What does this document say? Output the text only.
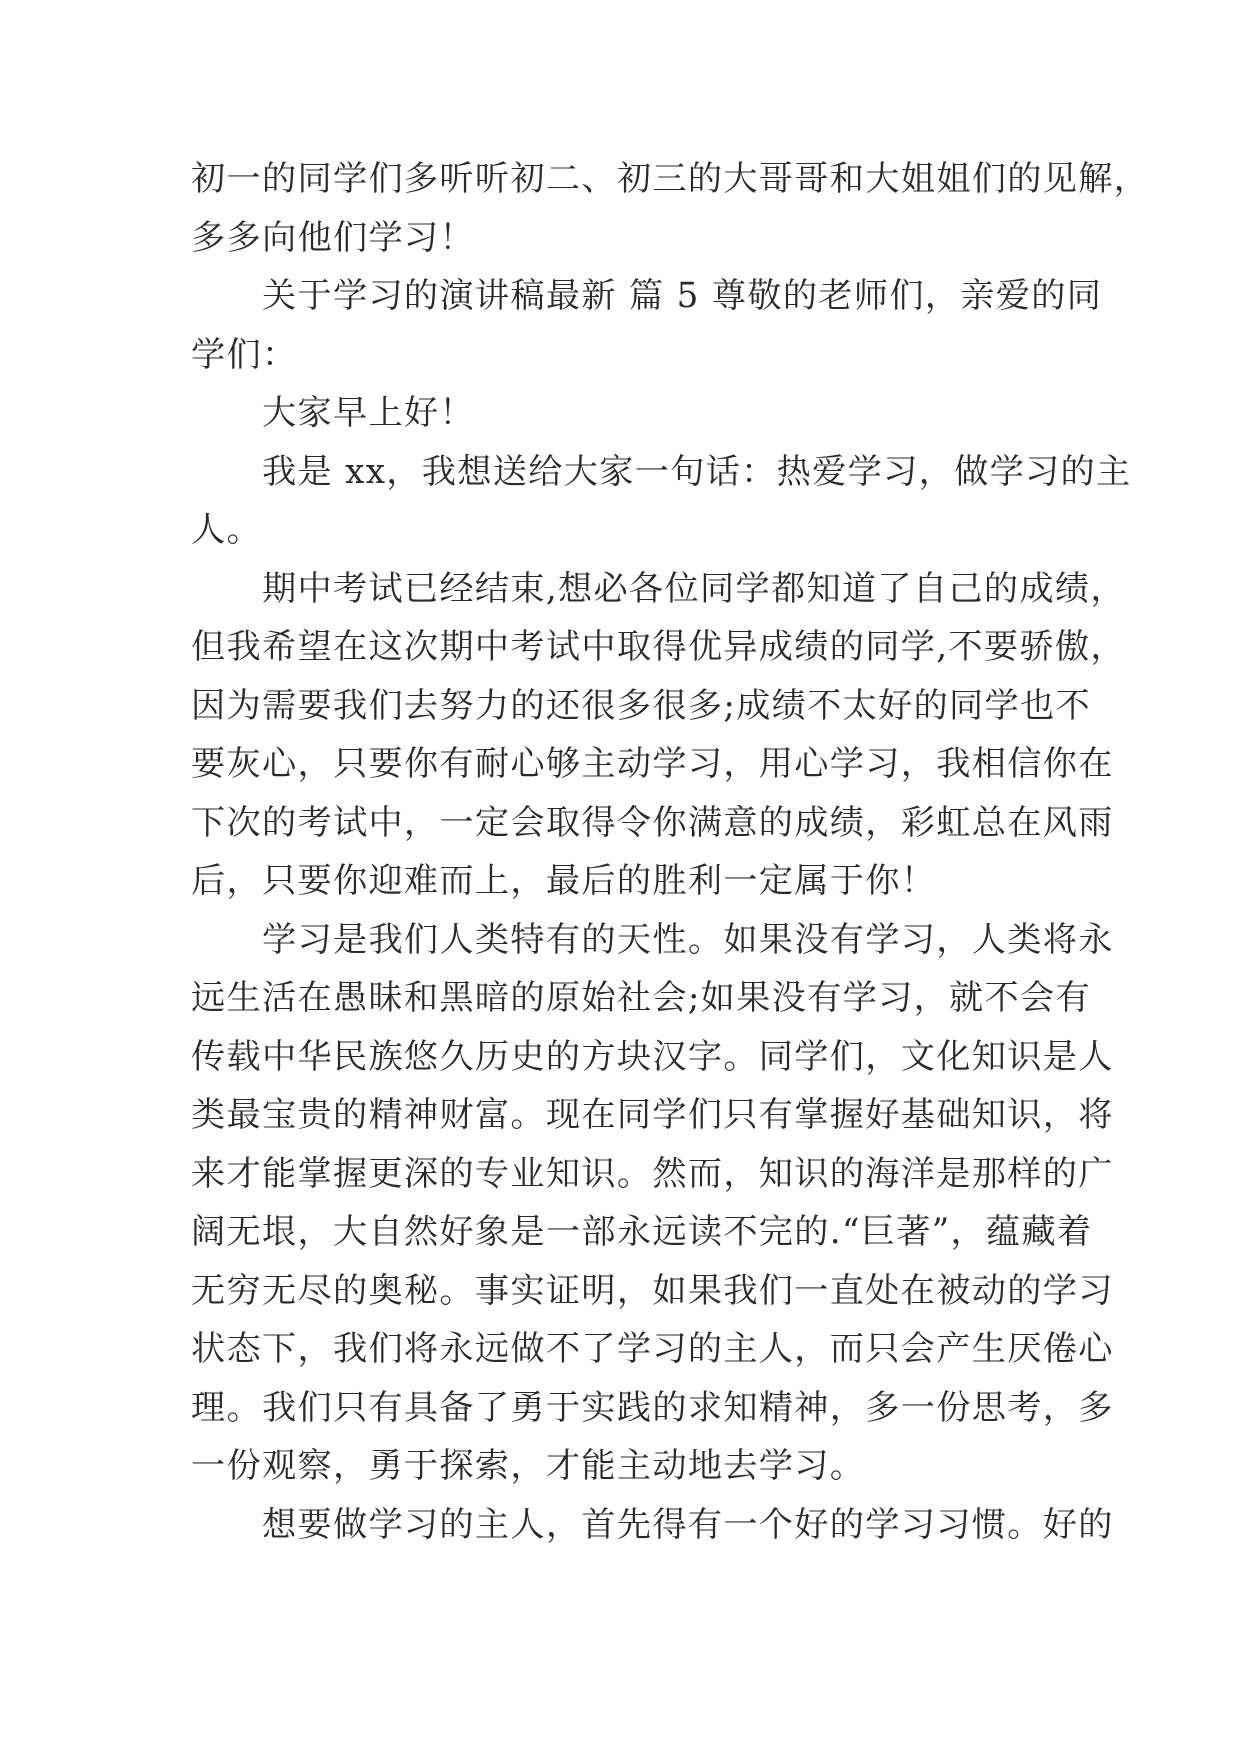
初一的同学们多听听初二、初三的大哥哥和大姐姐们的见解，
多多向他们学习！
　　关于学习的演讲稿最新 篇 5 尊敬的老师们，亲爱的同
学们：
　　大家早上好！
　　我是 xx，我想送给大家一句话：热爱学习，做学习的主
人。
　　期中考试已经结束,想必各位同学都知道了自己的成绩，
但我希望在这次期中考试中取得优异成绩的同学,不要骄傲，
因为需要我们去努力的还很多很多;成绩不太好的同学也不
要灰心，只要你有耐心够主动学习，用心学习，我相信你在
下次的考试中，一定会取得令你满意的成绩，彩虹总在风雨
后，只要你迎难而上，最后的胜利一定属于你！
　　学习是我们人类特有的天性。如果没有学习，人类将永
远生活在愚昧和黑暗的原始社会;如果没有学习，就不会有
传载中华民族悠久历史的方块汉字。同学们，文化知识是人
类最宝贵的精神财富。现在同学们只有掌握好基础知识，将
来才能掌握更深的专业知识。然而，知识的海洋是那样的广
阔无垠，大自然好象是一部永远读不完的.“巨著”，蕴藏着
无穷无尽的奥秘。事实证明，如果我们一直处在被动的学习
状态下，我们将永远做不了学习的主人，而只会产生厌倦心
理。我们只有具备了勇于实践的求知精神，多一份思考，多
一份观察，勇于探索，才能主动地去学习。
　　想要做学习的主人，首先得有一个好的学习习惯。好的
